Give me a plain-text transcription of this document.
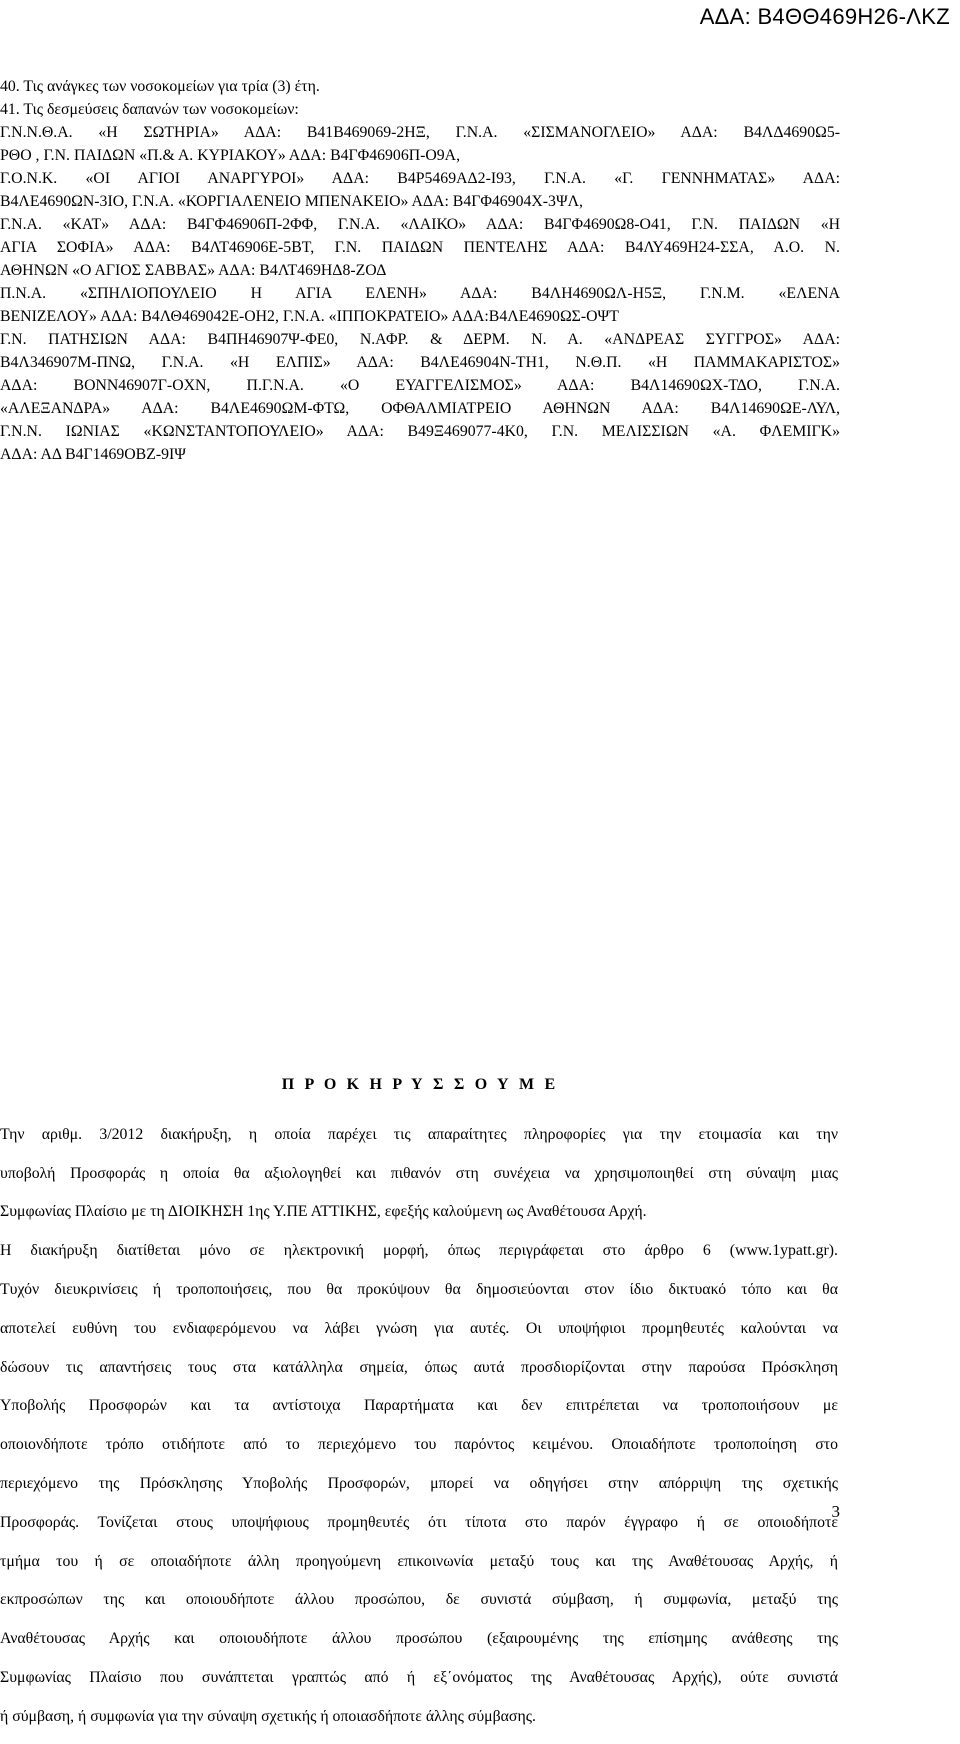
ΑΔΑ: Β4ΘΘ469Η26-ΛΚΖ

40. Τις ανάγκες των νοσοκομείων για τρία (3) έτη.

41. Τις δεσμεύσεις δαπανών των νοσοκομείων:

Γ.Ν.Ν.Θ.Α. «Η ΣΩΤΗΡΙΑ» ΑΔΑ: Β41Β469069-2ΗΞ, Γ.Ν.Α. «ΣΙΣΜΑΝΟΓΛΕΙΟ» ΑΔΑ: Β4ΛΔ4690Ω5-

ΡΘΟ , Γ.Ν. ΠΑΙΔΩΝ «Π.& Α. ΚΥΡΙΑΚΟΥ» ΑΔΑ: Β4ΓΦ46906Π-Ο9Α,

Γ.Ο.Ν.Κ. «ΟΙ ΑΓΙΟΙ ΑΝΑΡΓΥΡΟΙ» ΑΔΑ: Β4Ρ5469ΑΔ2-Ι93, Γ.Ν.Α. «Γ. ΓΕΝΝΗΜΑΤΑΣ» ΑΔΑ:

Β4ΛΕ4690ΩΝ-3ΙΟ, Γ.Ν.Α. «ΚΟΡΓΙΑΛΕΝΕΙΟ ΜΠΕΝΑΚΕΙΟ» ΑΔΑ: Β4ΓΦ46904Χ-3ΨΛ,

Γ.Ν.Α. «ΚΑΤ» ΑΔΑ: Β4ΓΦ46906Π-2ΦΦ, Γ.Ν.Α. «ΛΑΙΚΟ» ΑΔΑ: Β4ΓΦ4690Ω8-Ο41, Γ.Ν. ΠΑΙΔΩΝ «Η

ΑΓΙΑ ΣΟΦΙΑ» ΑΔΑ: Β4ΛΤ46906Ε-5ΒΤ, Γ.Ν. ΠΑΙΔΩΝ ΠΕΝΤΕΛΗΣ ΑΔΑ: Β4ΛΥ469Η24-ΣΣΑ, Α.Ο. Ν.

ΑΘΗΝΩΝ «Ο ΑΓΙΟΣ ΣΑΒΒΑΣ» ΑΔΑ: Β4ΛΤ469ΗΔ8-ΖΟΔ

Π.Ν.Α. «ΣΠΗΛΙΟΠΟΥΛΕΙΟ Η ΑΓΙΑ ΕΛΕΝΗ» ΑΔΑ: Β4ΛΗ4690ΩΛ-Η5Ξ, Γ.Ν.Μ. «ΕΛΕΝΑ

ΒΕΝΙΖΕΛΟΥ» ΑΔΑ: Β4ΛΘ469042Ε-ΟΗ2, Γ.Ν.Α. «ΙΠΠΟΚΡΑΤΕΙΟ» ΑΔΑ:Β4ΛΕ4690ΩΣ-ΟΨΤ

Γ.Ν. ΠΑΤΗΣΙΩΝ ΑΔΑ: Β4ΠΗ46907Ψ-ΦΕ0, Ν.ΑΦΡ. & ΔΕΡΜ. Ν. Α. «ΑΝΔΡΕΑΣ ΣΥΓΓΡΟΣ» ΑΔΑ:

Β4Λ346907Μ-ΠΝΩ, Γ.Ν.Α. «Η ΕΛΠΙΣ» ΑΔΑ: Β4ΛΕ46904Ν-ΤΗ1, Ν.Θ.Π. «Η ΠΑΜΜΑΚΑΡΙΣΤΟΣ»

ΑΔΑ: ΒΟΝΝ46907Γ-ΟΧΝ, Π.Γ.Ν.Α. «Ο ΕΥΑΓΓΕΛΙΣΜΟΣ» ΑΔΑ: Β4Λ14690ΩΧ-ΤΔΟ, Γ.Ν.Α.

«ΑΛΕΞΑΝΔΡΑ» ΑΔΑ: Β4ΛΕ4690ΩΜ-ΦΤΩ, ΟΦΘΑΛΜΙΑΤΡΕΙΟ ΑΘΗΝΩΝ ΑΔΑ: Β4Λ14690ΩΕ-ΛΥΛ,

Γ.Ν.Ν. ΙΩΝΙΑΣ «ΚΩΝΣΤΑΝΤΟΠΟΥΛΕΙΟ» ΑΔΑ: Β49Ξ469077-4Κ0, Γ.Ν. ΜΕΛΙΣΣΙΩΝ «Α. ΦΛΕΜΙΓΚ»

ΑΔΑ: ΑΔ Β4Γ1469ΟΒΖ-9ΙΨ

Π Ρ Ο Κ Η Ρ Υ Σ Σ Ο Υ Μ Ε

Την αριθμ. 3/2012 διακήρυξη, η οποία παρέχει τις απαραίτητες πληροφορίες για την ετοιμασία και την

υποβολή Προσφοράς η οποία θα αξιολογηθεί και πιθανόν στη συνέχεια να χρησιμοποιηθεί στη σύναψη μιας

Συμφωνίας Πλαίσιο με τη ΔΙΟΙΚΗΣΗ 1ης Υ.ΠΕ ΑΤΤΙΚΗΣ, εφεξής καλούμενη ως Αναθέτουσα Αρχή.

Η διακήρυξη διατίθεται μόνο σε ηλεκτρονική μορφή, όπως περιγράφεται στο άρθρο 6 (www.1ypatt.gr).

Τυχόν διευκρινίσεις ή τροποποιήσεις, που θα προκύψουν θα δημοσιεύονται στον ίδιο δικτυακό τόπο και θα

αποτελεί ευθύνη του ενδιαφερόμενου να λάβει γνώση για αυτές. Οι υποψήφιοι προμηθευτές καλούνται να

δώσουν τις απαντήσεις τους στα κατάλληλα σημεία, όπως αυτά προσδιορίζονται στην παρούσα Πρόσκληση

Υποβολής Προσφορών και τα αντίστοιχα Παραρτήματα και δεν επιτρέπεται να τροποποιήσουν με

οποιονδήποτε τρόπο οτιδήποτε από το περιεχόμενο του παρόντος κειμένου. Οποιαδήποτε τροποποίηση στο

περιεχόμενο της Πρόσκλησης Υποβολής Προσφορών, μπορεί να οδηγήσει στην απόρριψη της σχετικής

Προσφοράς. Τονίζεται στους υποψήφιους προμηθευτές ότι τίποτα στο παρόν έγγραφο ή σε οποιοδήποτε

τμήμα του ή σε οποιαδήποτε άλλη προηγούμενη επικοινωνία μεταξύ τους και της Αναθέτουσας Αρχής, ή

εκπροσώπων της και οποιουδήποτε άλλου προσώπου, δε συνιστά σύμβαση, ή συμφωνία, μεταξύ της

Αναθέτουσας Αρχής και οποιουδήποτε άλλου προσώπου (εξαιρουμένης της επίσημης ανάθεσης της

Συμφωνίας Πλαίσιο που συνάπτεται γραπτώς από ή εξ΄ονόματος της Αναθέτουσας Αρχής), ούτε συνιστά

ή σύμβαση, ή συμφωνία για την σύναψη σχετικής ή οποιασδήποτε άλλης σύμβασης.

3
